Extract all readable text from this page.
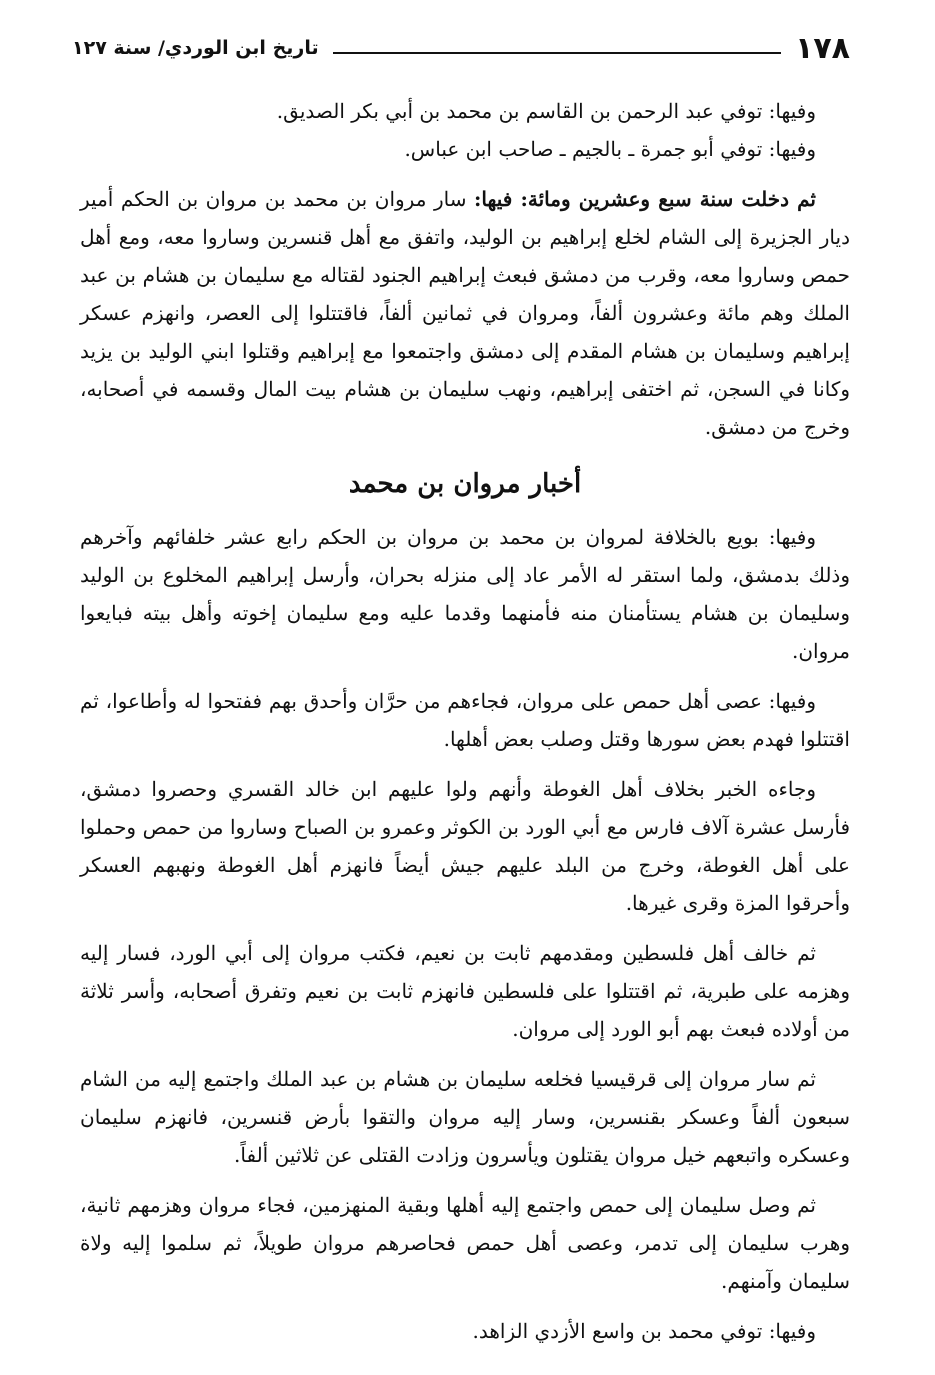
١٧٨
تاريخ ابن الوردي/ سنة ١٢٧

وفيها: توفي عبد الرحمن بن القاسم بن محمد بن أبي بكر الصديق.

وفيها: توفي أبو جمرة ـ بالجيم ـ صاحب ابن عباس.

ثم دخلت سنة سبع وعشرين ومائة: فيها: سار مروان بن محمد بن مروان بن الحكم أمير ديار الجزيرة إلى الشام لخلع إبراهيم بن الوليد، واتفق مع أهل قنسرين وساروا معه، ومع أهل حمص وساروا معه، وقرب من دمشق فبعث إبراهيم الجنود لقتاله مع سليمان بن هشام بن عبد الملك وهم مائة وعشرون ألفاً، ومروان في ثمانين ألفاً، فاقتتلوا إلى العصر، وانهزم عسكر إبراهيم وسليمان بن هشام المقدم إلى دمشق واجتمعوا مع إبراهيم وقتلوا ابني الوليد بن يزيد وكانا في السجن، ثم اختفى إبراهيم، ونهب سليمان بن هشام بيت المال وقسمه في أصحابه، وخرج من دمشق.

أخبار مروان بن محمد

وفيها: بويع بالخلافة لمروان بن محمد بن مروان بن الحكم رابع عشر خلفائهم وآخرهم وذلك بدمشق، ولما استقر له الأمر عاد إلى منزله بحران، وأرسل إبراهيم المخلوع بن الوليد وسليمان بن هشام يستأمنان منه فأمنهما وقدما عليه ومع سليمان إخوته وأهل بيته فبايعوا مروان.

وفيها: عصى أهل حمص على مروان، فجاءهم من حرَّان وأحدق بهم ففتحوا له وأطاعوا، ثم اقتتلوا فهدم بعض سورها وقتل وصلب بعض أهلها.

وجاءه الخبر بخلاف أهل الغوطة وأنهم ولوا عليهم ابن خالد القسري وحصروا دمشق، فأرسل عشرة آلاف فارس مع أبي الورد بن الكوثر وعمرو بن الصباح وساروا من حمص وحملوا على أهل الغوطة، وخرج من البلد عليهم جيش أيضاً فانهزم أهل الغوطة ونهبهم العسكر وأحرقوا المزة وقرى غيرها.

ثم خالف أهل فلسطين ومقدمهم ثابت بن نعيم، فكتب مروان إلى أبي الورد، فسار إليه وهزمه على طبرية، ثم اقتتلوا على فلسطين فانهزم ثابت بن نعيم وتفرق أصحابه، وأسر ثلاثة من أولاده فبعث بهم أبو الورد إلى مروان.

ثم سار مروان إلى قرقيسيا فخلعه سليمان بن هشام بن عبد الملك واجتمع إليه من الشام سبعون ألفاً وعسكر بقنسرين، وسار إليه مروان والتقوا بأرض قنسرين، فانهزم سليمان وعسكره واتبعهم خيل مروان يقتلون ويأسرون وزادت القتلى عن ثلاثين ألفاً.

ثم وصل سليمان إلى حمص واجتمع إليه أهلها وبقية المنهزمين، فجاء مروان وهزمهم ثانية، وهرب سليمان إلى تدمر، وعصى أهل حمص فحاصرهم مروان طويلاً، ثم سلموا إليه ولاة سليمان وآمنهم.

وفيها: توفي محمد بن واسع الأزدي الزاهد.
